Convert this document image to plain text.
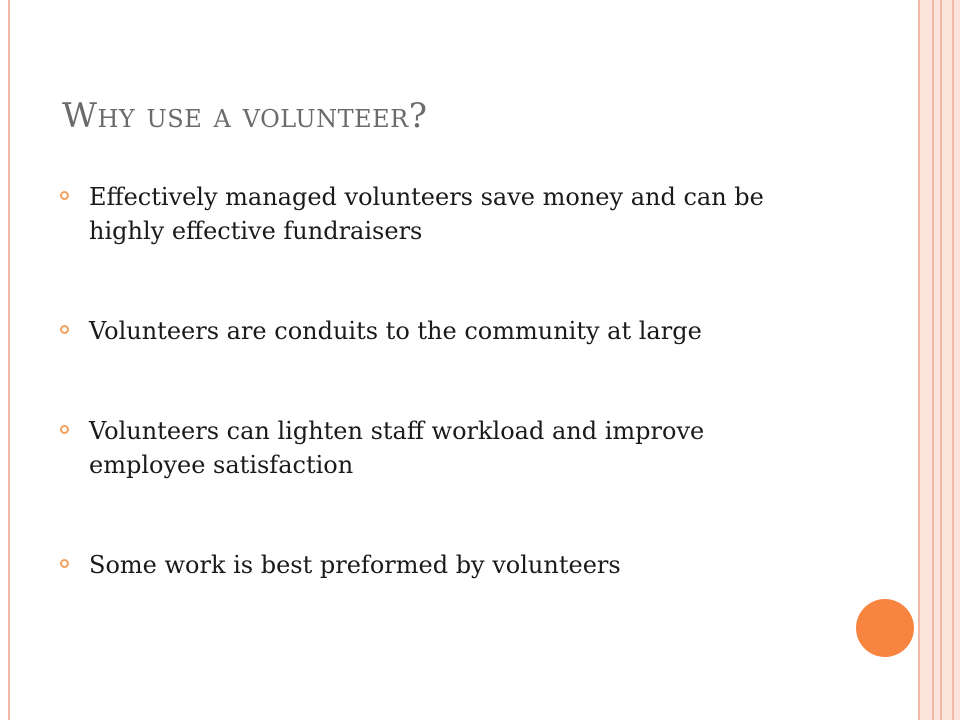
Why use a volunteer?
Effectively managed volunteers save money and can be highly effective fundraisers
Volunteers are conduits to the community at large
Volunteers can lighten staff workload and improve employee satisfaction
Some work is best preformed by volunteers
